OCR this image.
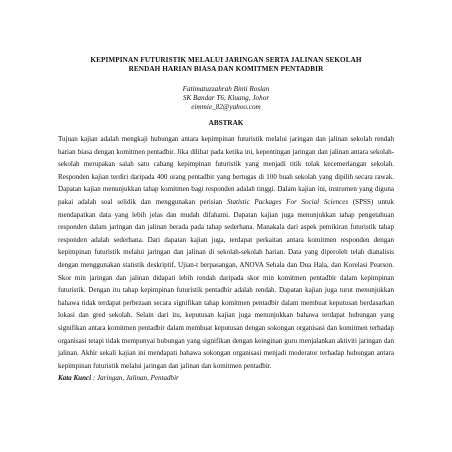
KEPIMPINAN FUTURISTIK MELALUI JARINGAN SERTA JALINAN SEKOLAH
RENDAH HARIAN BIASA DAN KOMITMEN PENTADBIR
Fatimatuzzahrah Binti Roslan
SK Bandar T6, Kluang, Johor
eimmie_82@yahoo.com
ABSTRAK
Tujuan kajian adalah mengkaji hubungan antara kepimpinan futuristik melalui jaringan dan jalinan sekolah rendah harian biasa dengan komitmen pentadbir. Jika dilihat pada ketika ini, kepentingan jaringan dan jalinan antara sekolah-sekolah merupakan salah satu cabang kepimpinan futuristik yang menjadi titik tolak kecemerlangan sekolah. Responden kajian terdiri daripada 400 orang pentadbir yang bertugas di 100 buah sekolah yang dipilih secara rawak. Dapatan kajian menunjukkan tahap komitmen bagi responden adalah tinggi. Dalam kajian ini, instrumen yang diguna pakai adalah soal selidik dan menggunakan perisian Statistic Packages For Social Sciences (SPSS) untuk mendapatkan data yang lebih jelas dan mudah difahami. Dapatan kajian juga menunjukkan tahap pengetahuan responden dalam jaringan dan jalinan berada pada tahap sederhana. Manakala dari aspek pemikiran futuristik tahap responden adalah sederhana. Dari dapatan kajian juga, terdapat perkaitan antara komitmen responden dengan kepimpinan futuristik melalui jaringan dan jalinan di sekolah-sekolah harian. Data yang diperoleh telah dianalisis dengan menggunakan statistik deskriptif, Ujian-t berpasangan, ANOVA Sehala dan Dua Hala, dan Korelasi Pearson. Skor min jaringan dan jalinan didapati lebih rendah daripada skor min komitmen pentadbir dalam kepimpinan futuristik. Dengan itu tahap kepimpinan futuristik pentadbir adalah rendah. Dapatan kajian juga turut menunjukkan bahawa tidak terdapat perbezaan secara signifikan tahap komitmen pentadbir dalam membuat keputusan berdasarkan lokasi dan gred sekolah. Selain dari itu, keputusan kajian juga menunjukkan bahawa terdapat hubungan yang signifikan antara komitmen pentadbir dalam membuat keputusan dengan sokongan organisasi dan komitmen terhadap organisasi tetapi tidak mempunyai hubungan yang signifikan dengan keinginan guru menjalankan aktiviti jaringan dan jalinan. Akhir sekali kajian ini mendapati bahawa sokongan organisasi menjadi moderator terhadap hubungan antara kepimpinan futuristik melalui jaringan dan jalinan dan komitmen pentadbir.
Kata Kunci : Jaringan, Jalinan, Pentadbir
